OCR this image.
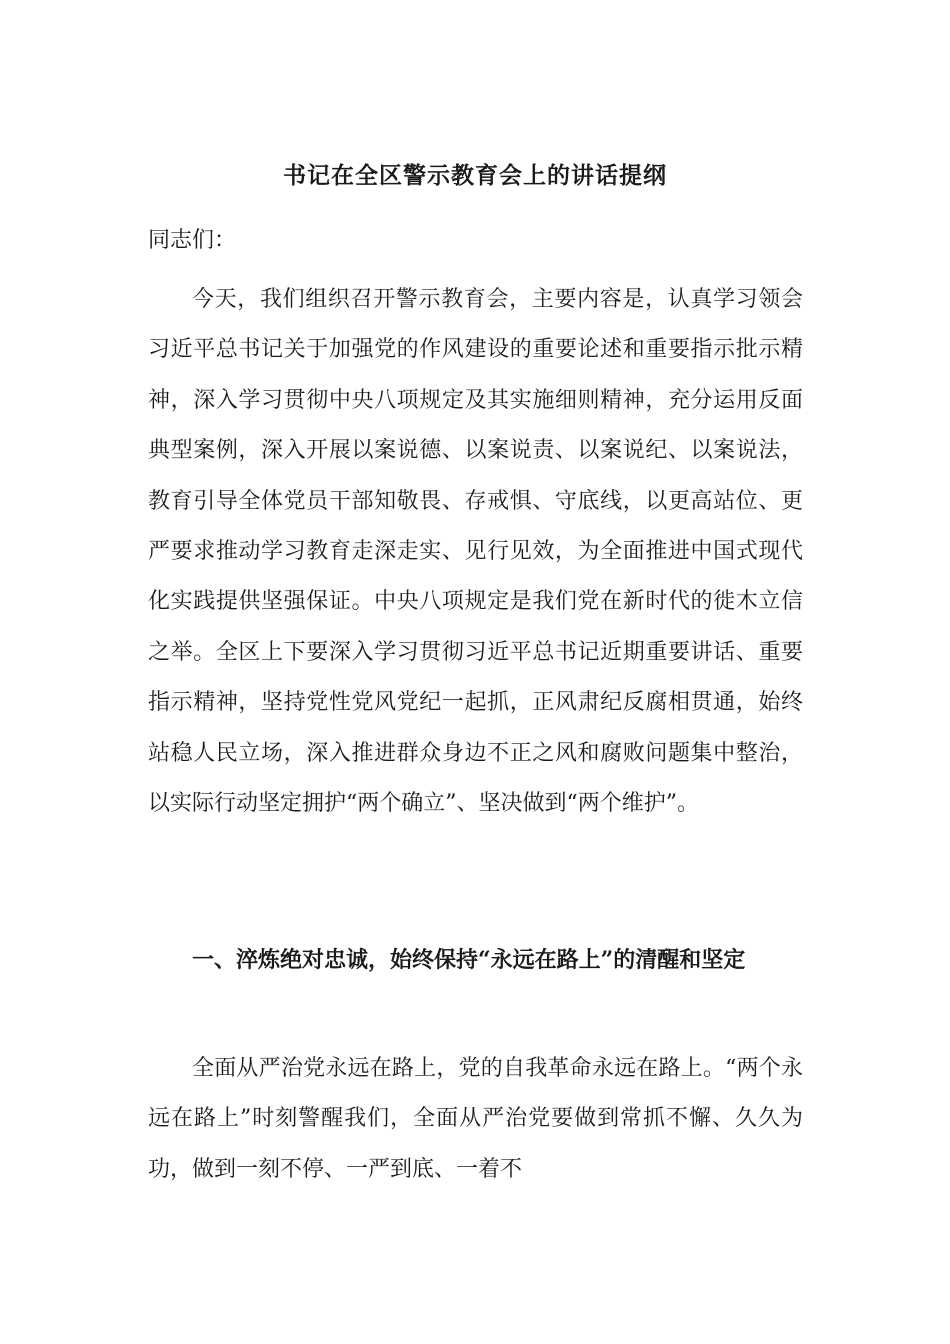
书记在全区警示教育会上的讲话提纲

同志们：

今天，我们组织召开警示教育会，主要内容是，认真学习领会习近平总书记关于加强党的作风建设的重要论述和重要指示批示精神，深入学习贯彻中央八项规定及其实施细则精神，充分运用反面典型案例，深入开展以案说德、以案说责、以案说纪、以案说法，教育引导全体党员干部知敬畏、存戒惧、守底线，以更高站位、更严要求推动学习教育走深走实、见行见效，为全面推进中国式现代化实践提供坚强保证。中央八项规定是我们党在新时代的徙木立信之举。全区上下要深入学习贯彻习近平总书记近期重要讲话、重要指示精神，坚持党性党风党纪一起抓，正风肃纪反腐相贯通，始终站稳人民立场，深入推进群众身边不正之风和腐败问题集中整治，以实际行动坚定拥护“两个确立”、坚决做到“两个维护”。

一、淬炼绝对忠诚，始终保持“永远在路上”的清醒和坚定

全面从严治党永远在路上，党的自我革命永远在路上。“两个永远在路上”时刻警醒我们，全面从严治党要做到常抓不懈、久久为功，做到一刻不停、一严到底、一着不
